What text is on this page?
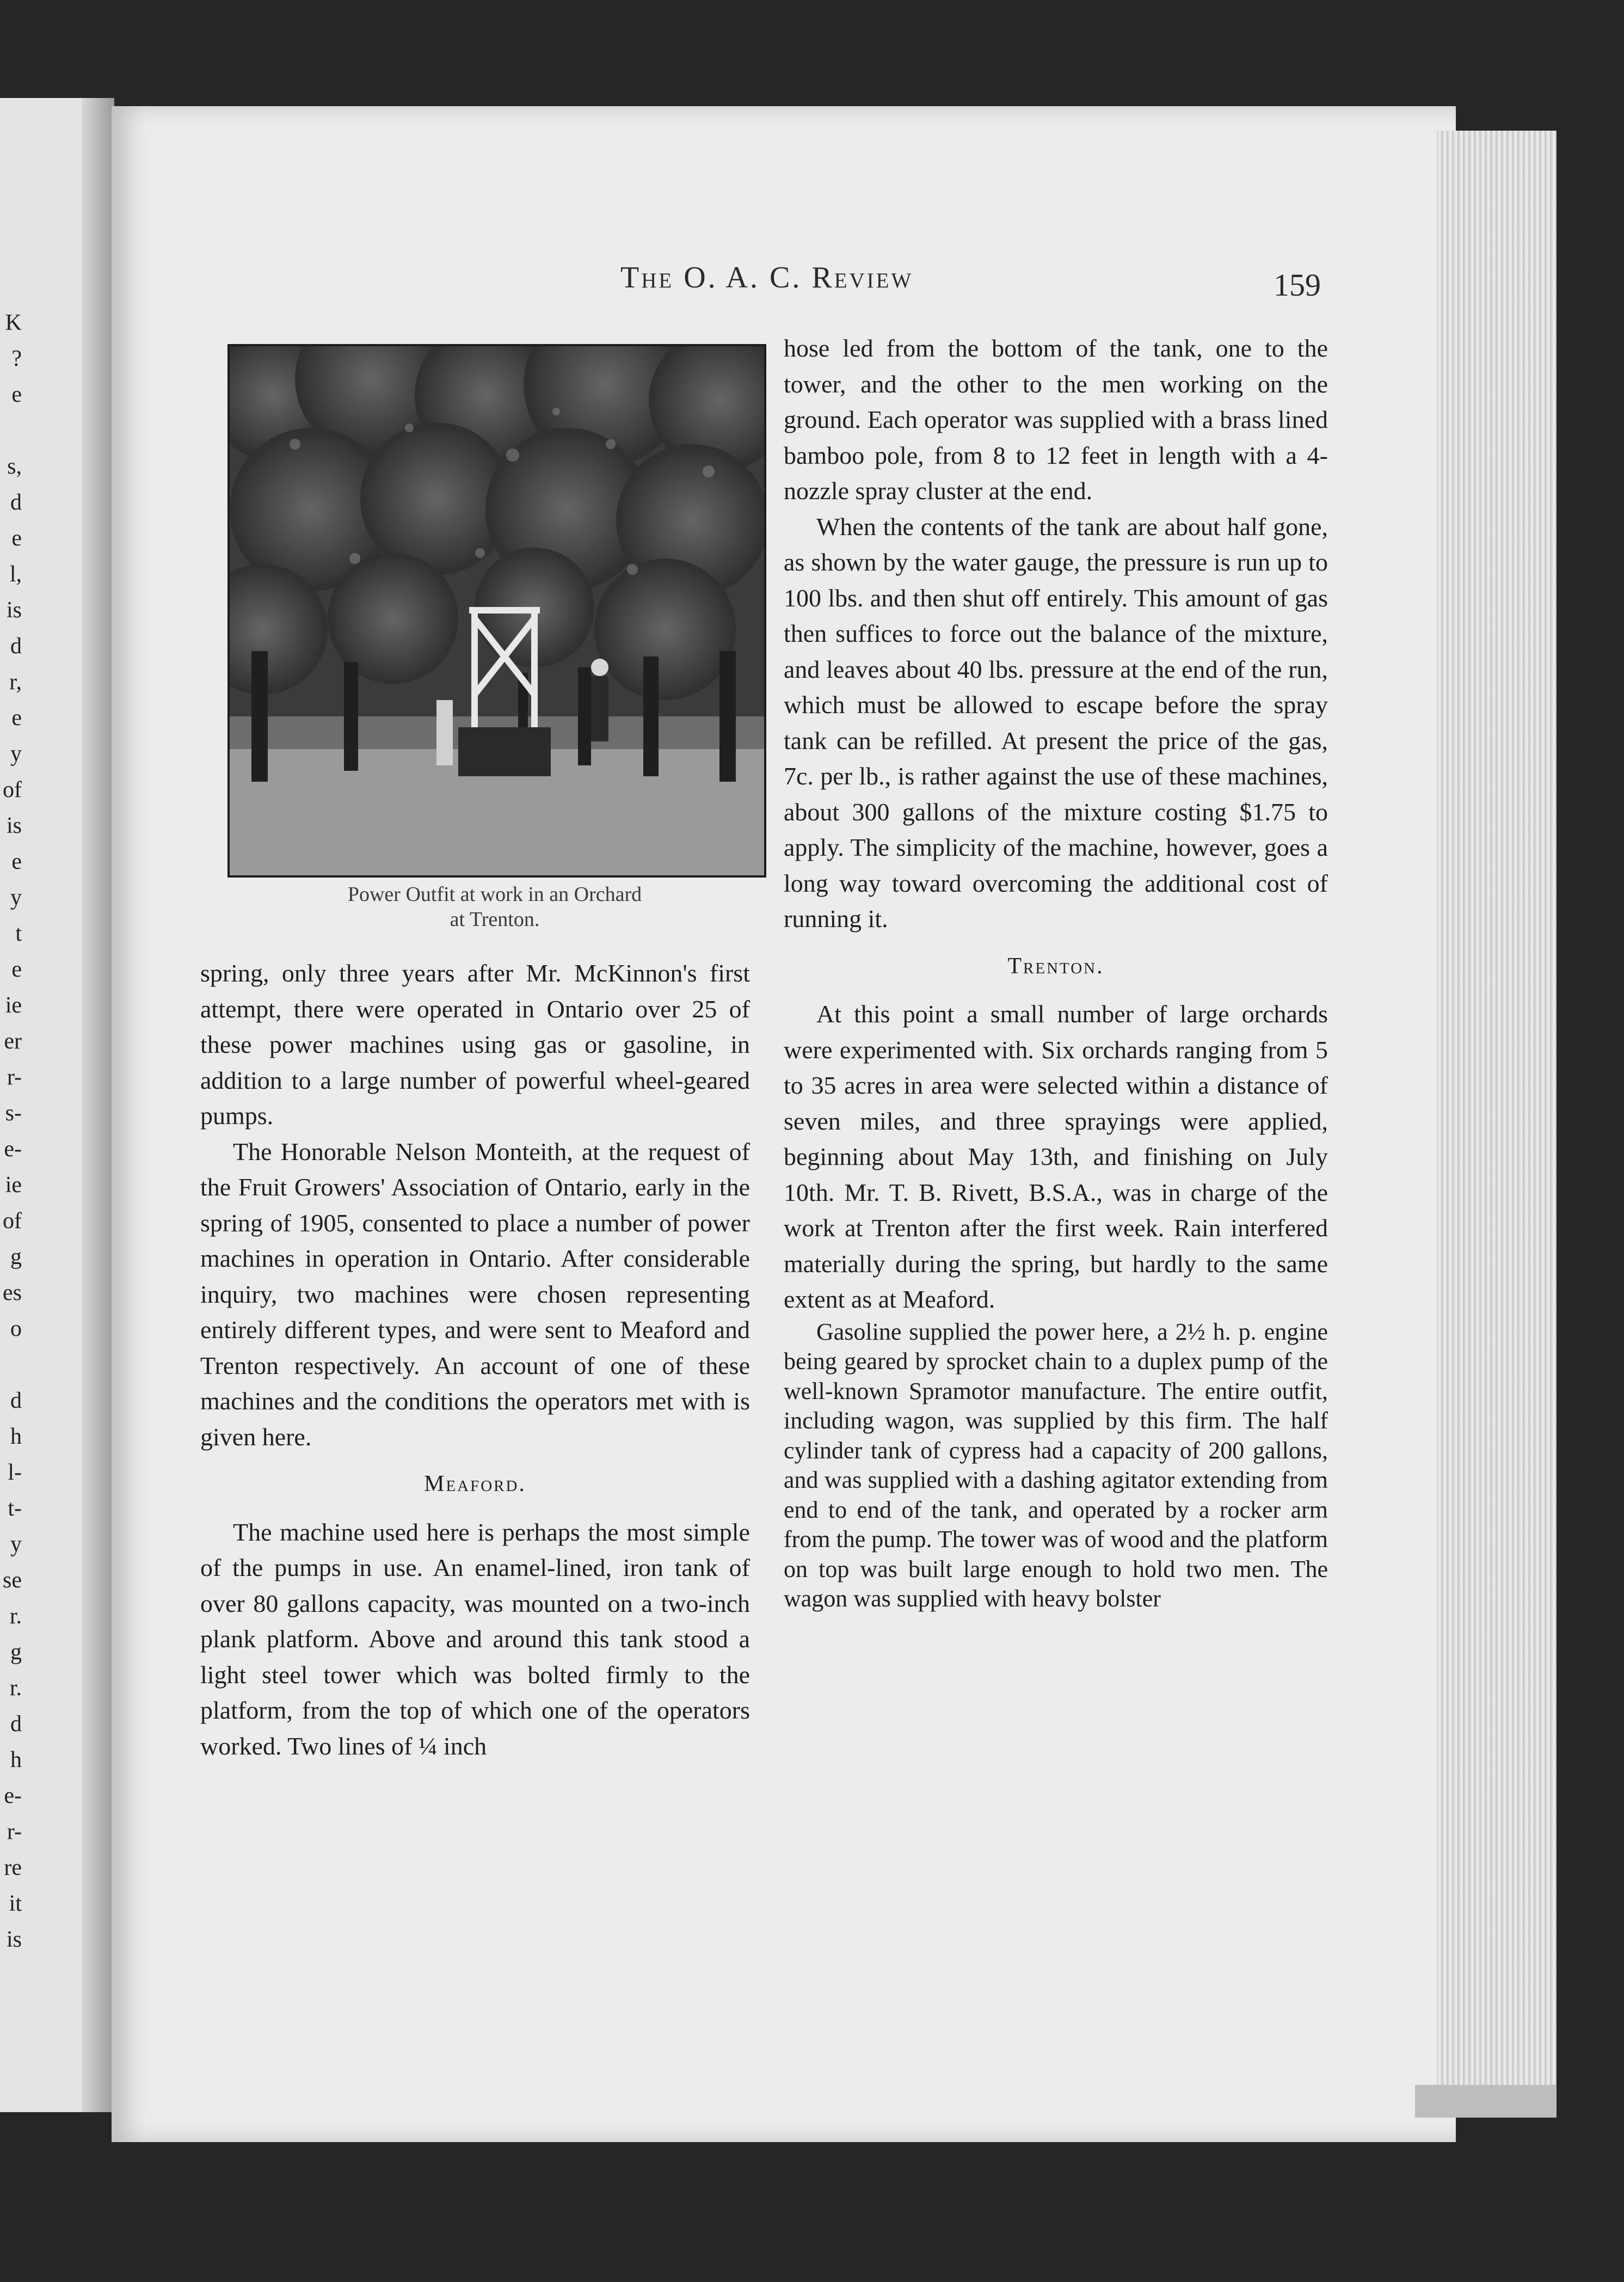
K
?
e

s,
d
e
l,
is
d
r,
e
y
of
is
e
y
t
e
ie
er
r-
s-
e-
ie
of
g
es
o

d
h
l-
t-
y
se
r.
g
r.
d
h
e-
r-
re
it
is
The O. A. C. Review	159
Power Outfit at work in an Orchard
at Trenton.

spring, only three years after Mr. McKinnon's first attempt, there were operated in Ontario over 25 of these power machines using gas or gasoline, in addition to a large number of powerful wheel-geared pumps.

The Honorable Nelson Monteith, at the request of the Fruit Growers' Association of Ontario, early in the spring of 1905, consented to place a number of power machines in operation in Ontario. After considerable inquiry, two machines were chosen representing entirely different types, and were sent to Meaford and Trenton respectively. An account of one of these machines and the conditions the operators met with is given here.

Meaford.

The machine used here is perhaps the most simple of the pumps in use. An enamel-lined, iron tank of over 80 gallons capacity, was mounted on a two-inch plank platform. Above and around this tank stood a light steel tower which was bolted firmly to the platform, from the top of which one of the operators worked. Two lines of ¼ inch

hose led from the bottom of the tank, one to the tower, and the other to the men working on the ground. Each operator was supplied with a brass lined bamboo pole, from 8 to 12 feet in length with a 4-nozzle spray cluster at the end.

When the contents of the tank are about half gone, as shown by the water gauge, the pressure is run up to 100 lbs. and then shut off entirely. This amount of gas then suffices to force out the balance of the mixture, and leaves about 40 lbs. pressure at the end of the run, which must be allowed to escape before the spray tank can be refilled. At present the price of the gas, 7c. per lb., is rather against the use of these machines, about 300 gallons of the mixture costing $1.75 to apply. The simplicity of the machine, however, goes a long way toward overcoming the additional cost of running it.

Trenton.

At this point a small number of large orchards were experimented with. Six orchards ranging from 5 to 35 acres in area were selected within a distance of seven miles, and three sprayings were applied, beginning about May 13th, and finishing on July 10th. Mr. T. B. Rivett, B.S.A., was in charge of the work at Trenton after the first week. Rain interfered materially during the spring, but hardly to the same extent as at Meaford.

Gasoline supplied the power here, a 2½ h. p. engine being geared by sprocket chain to a duplex pump of the well-known Spramotor manufacture. The entire outfit, including wagon, was supplied by this firm. The half cylinder tank of cypress had a capacity of 200 gallons, and was supplied with a dashing agitator extending from end to end of the tank, and operated by a rocker arm from the pump. The tower was of wood and the platform on top was built large enough to hold two men. The wagon was supplied with heavy bolster
